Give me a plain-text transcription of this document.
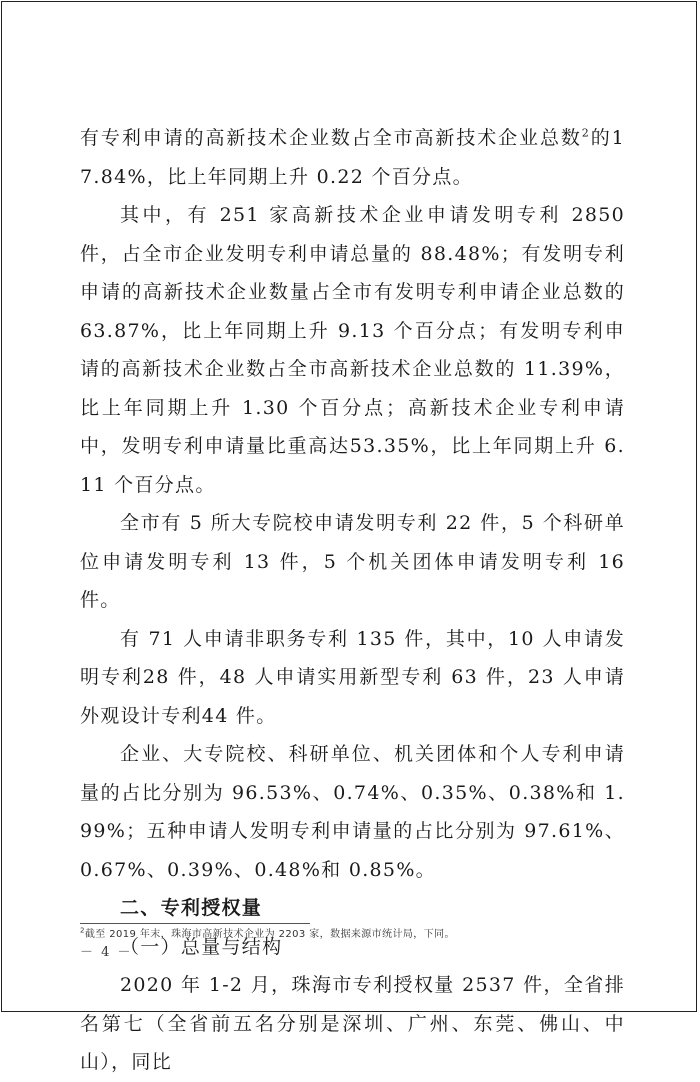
有专利申请的高新技术企业数占全市高新技术企业总数$^2$的17.84%，比上年同期上升 0.22 个百分点。

其中，有 251 家高新技术企业申请发明专利 2850 件，占全市企业发明专利申请总量的 88.48%；有发明专利申请的高新技术企业数量占全市有发明专利申请企业总数的 63.87%，比上年同期上升 9.13 个百分点；有发明专利申请的高新技术企业数占全市高新技术企业总数的 11.39%，比上年同期上升 1.30 个百分点；高新技术企业专利申请中，发明专利申请量比重高达53.35%，比上年同期上升 6.11 个百分点。

全市有 5 所大专院校申请发明专利 22 件，5 个科研单位申请发明专利 13 件，5 个机关团体申请发明专利 16 件。

有 71 人申请非职务专利 135 件，其中，10 人申请发明专利28 件，48 人申请实用新型专利 63 件，23 人申请外观设计专利44 件。

企业、大专院校、科研单位、机关团体和个人专利申请量的占比分别为 96.53%、0.74%、0.35%、0.38%和 1.99%；五种申请人发明专利申请量的占比分别为 97.61%、0.67%、0.39%、0.48%和 0.85%。

二、专利授权量

（一）总量与结构

2020 年 1-2 月，珠海市专利授权量 2537 件，全省排名第七（全省前五名分别是深圳、广州、东莞、佛山、中山），同比

$^2$截至 2019 年末，珠海市高新技术企业为 2203 家，数据来源市统计局，下同。
－ 4 －
